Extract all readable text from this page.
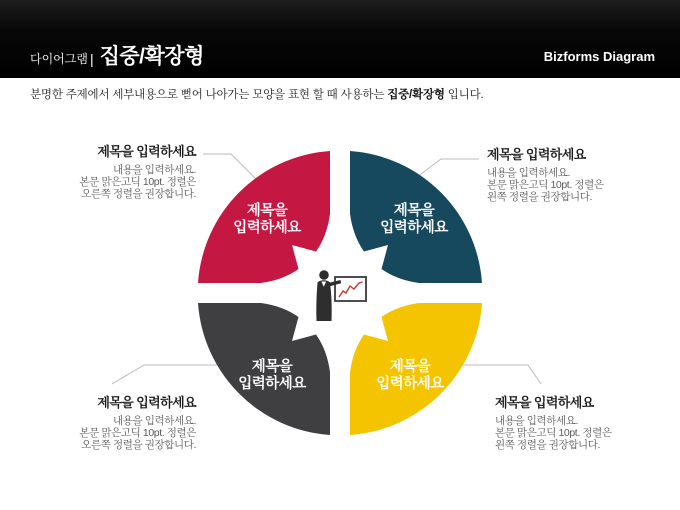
다이어그램 | 집중/확장형	Bizforms Diagram
분명한 주제에서 세부내용으로 뻗어 나아가는 모양을 표현 할 때 사용하는 집중/확장형 입니다.
제목을
입력하세요
제목을
입력하세요
제목을
입력하세요
제목을
입력하세요
제목을 입력하세요
내용을 입력하세요.
본문 맑은고딕 10pt. 정렬은
오른쪽 정렬을 권장합니다.
제목을 입력하세요
내용을 입력하세요.
본문 맑은고딕 10pt. 정렬은
왼쪽 정렬을 권장합니다.
제목을 입력하세요
내용을 입력하세요.
본문 맑은고딕 10pt. 정렬은
오른쪽 정렬을 권장합니다.
제목을 입력하세요
내용을 입력하세요.
본문 맑은고딕 10pt. 정렬은
왼쪽 정렬을 권장합니다.
